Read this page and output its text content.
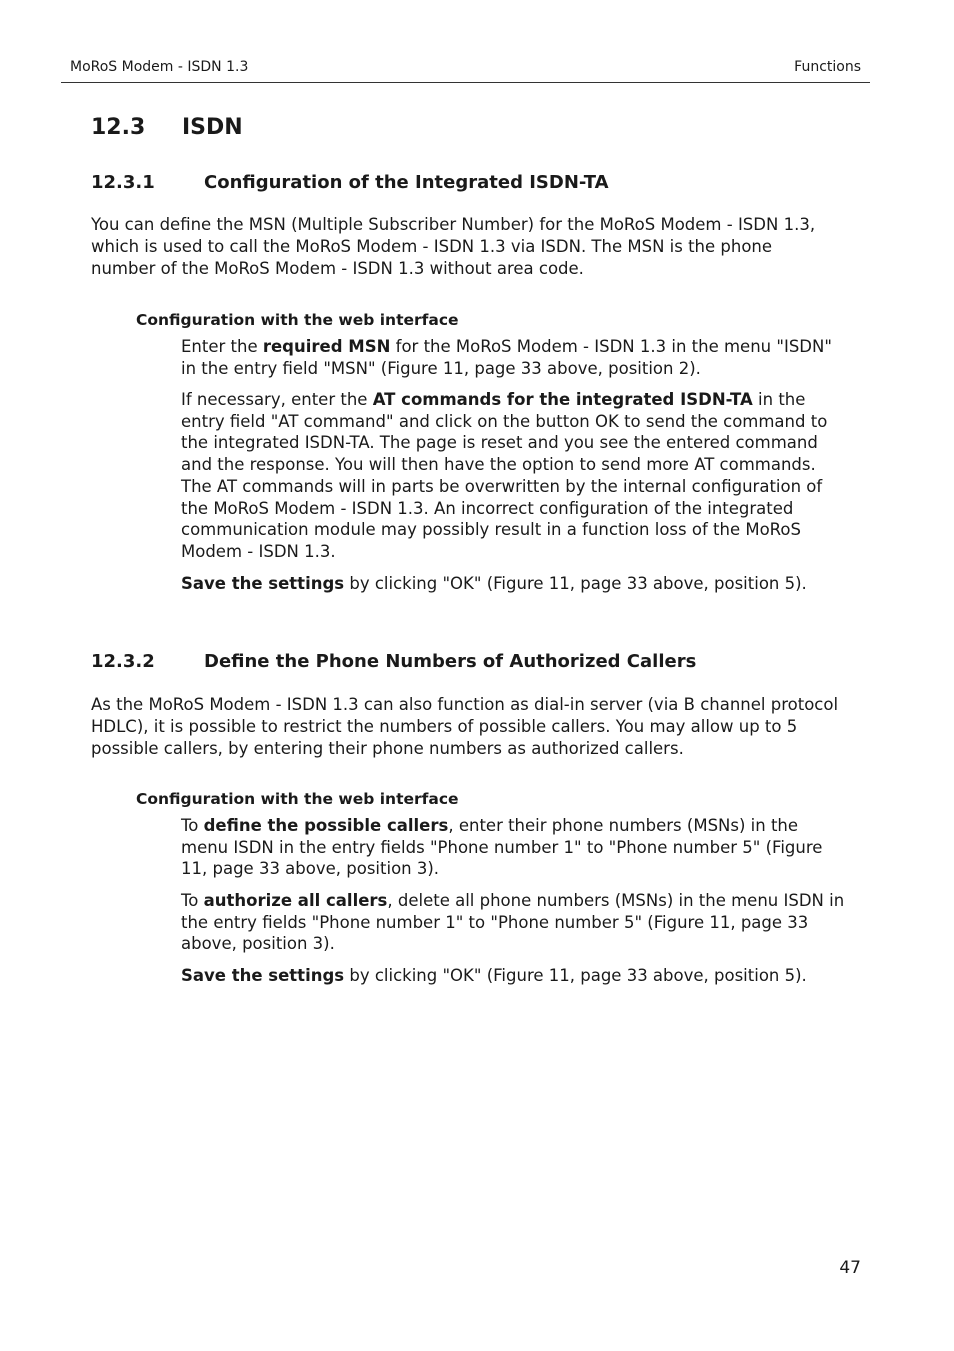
MoRoS Modem - ISDN 1.3	Functions
12.3 ISDN
12.3.1	Configuration of the Integrated ISDN-TA
You can define the MSN (Multiple Subscriber Number) for the MoRoS Modem - ISDN 1.3, which is used to call the MoRoS Modem - ISDN 1.3 via ISDN. The MSN is the phone number of the MoRoS Modem - ISDN 1.3 without area code.
Configuration with the web interface
Enter the required MSN for the MoRoS Modem - ISDN 1.3 in the menu "ISDN" in the entry field "MSN" (Figure 11, page 33 above, position 2).
If necessary, enter the AT commands for the integrated ISDN-TA in the entry field "AT command" and click on the button OK to send the command to the integrated ISDN-TA. The page is reset and you see the entered command and the response. You will then have the option to send more AT commands. The AT commands will in parts be overwritten by the internal configuration of the MoRoS Modem - ISDN 1.3. An incorrect configuration of the integrated communication module may possibly result in a function loss of the MoRoS Modem - ISDN 1.3.
Save the settings by clicking "OK" (Figure 11, page 33 above, position 5).
12.3.2	Define the Phone Numbers of Authorized Callers
As the MoRoS Modem - ISDN 1.3 can also function as dial-in server (via B channel protocol HDLC), it is possible to restrict the numbers of possible callers. You may allow up to 5 possible callers, by entering their phone numbers as authorized callers.
Configuration with the web interface
To define the possible callers, enter their phone numbers (MSNs) in the menu ISDN in the entry fields "Phone number 1" to "Phone number 5" (Figure 11, page 33 above, position 3).
To authorize all callers, delete all phone numbers (MSNs) in the menu ISDN in the entry fields "Phone number 1" to "Phone number 5" (Figure 11, page 33 above, position 3).
Save the settings by clicking "OK" (Figure 11, page 33 above, position 5).
47
